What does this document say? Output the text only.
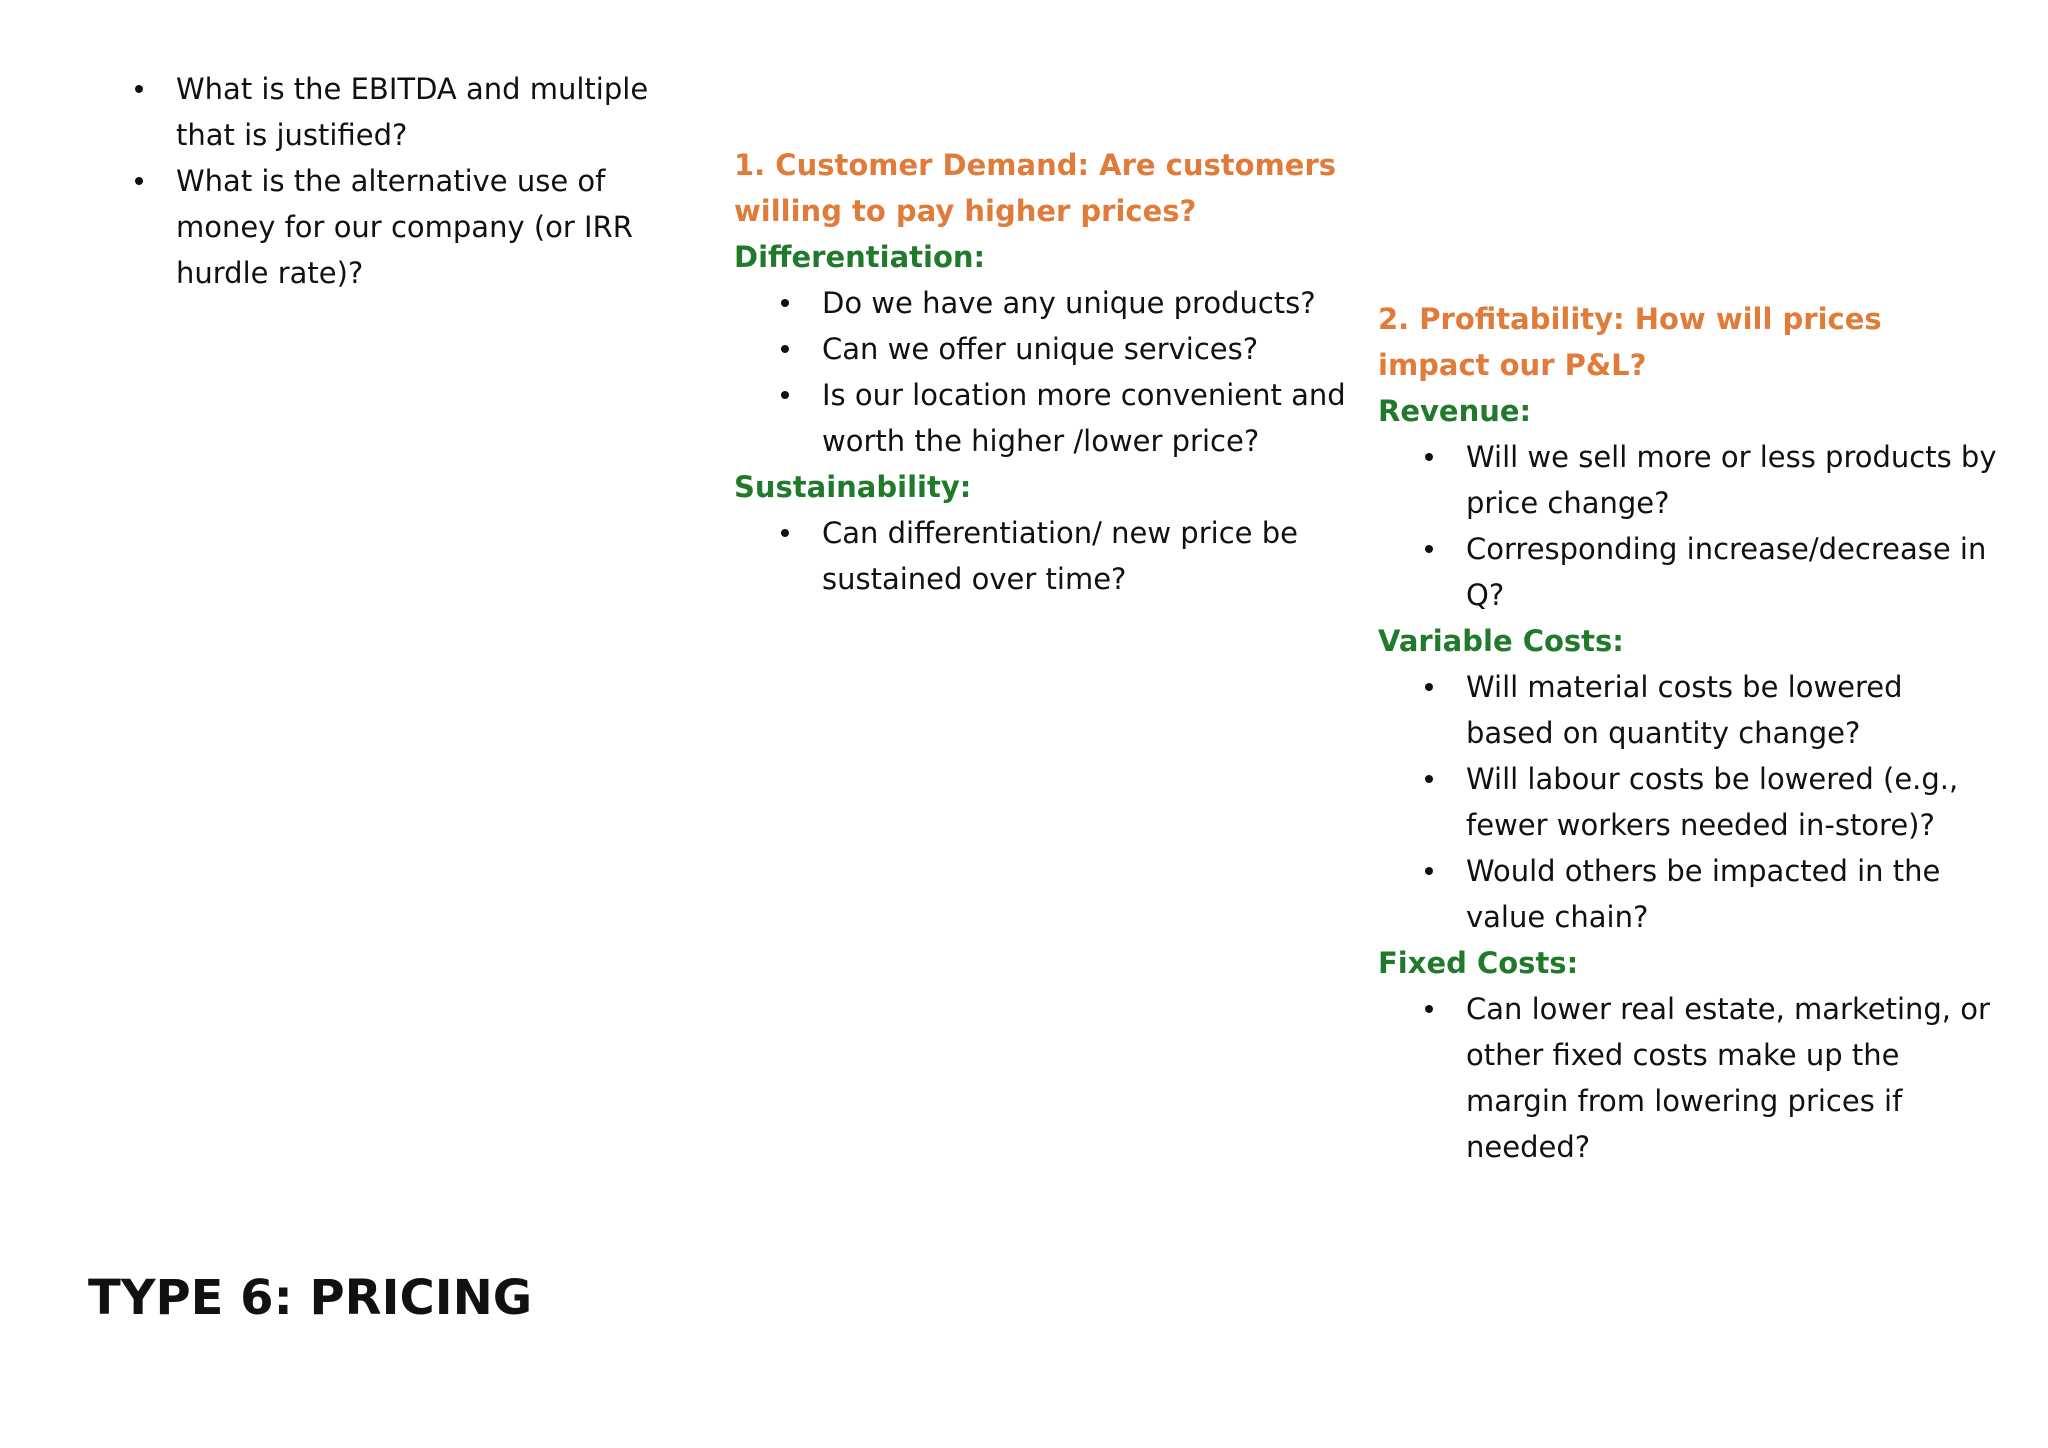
What is the EBITDA and multiple that is justified?
What is the alternative use of money for our company (or IRR hurdle rate)?
1. Customer Demand: Are customers willing to pay higher prices?
Differentiation:
Do we have any unique products?
Can we offer unique services?
Is our location more convenient and worth the higher /lower price?
Sustainability:
Can differentiation/ new price be sustained over time?
2. Profitability: How will prices impact our P&L?
Revenue:
Will we sell more or less products by price change?
Corresponding increase/decrease in Q?
Variable Costs:
Will material costs be lowered based on quantity change?
Will labour costs be lowered (e.g., fewer workers needed in-store)?
Would others be impacted in the value chain?
Fixed Costs:
Can lower real estate, marketing, or other fixed costs make up the margin from lowering prices if needed?
TYPE 6: PRICING
